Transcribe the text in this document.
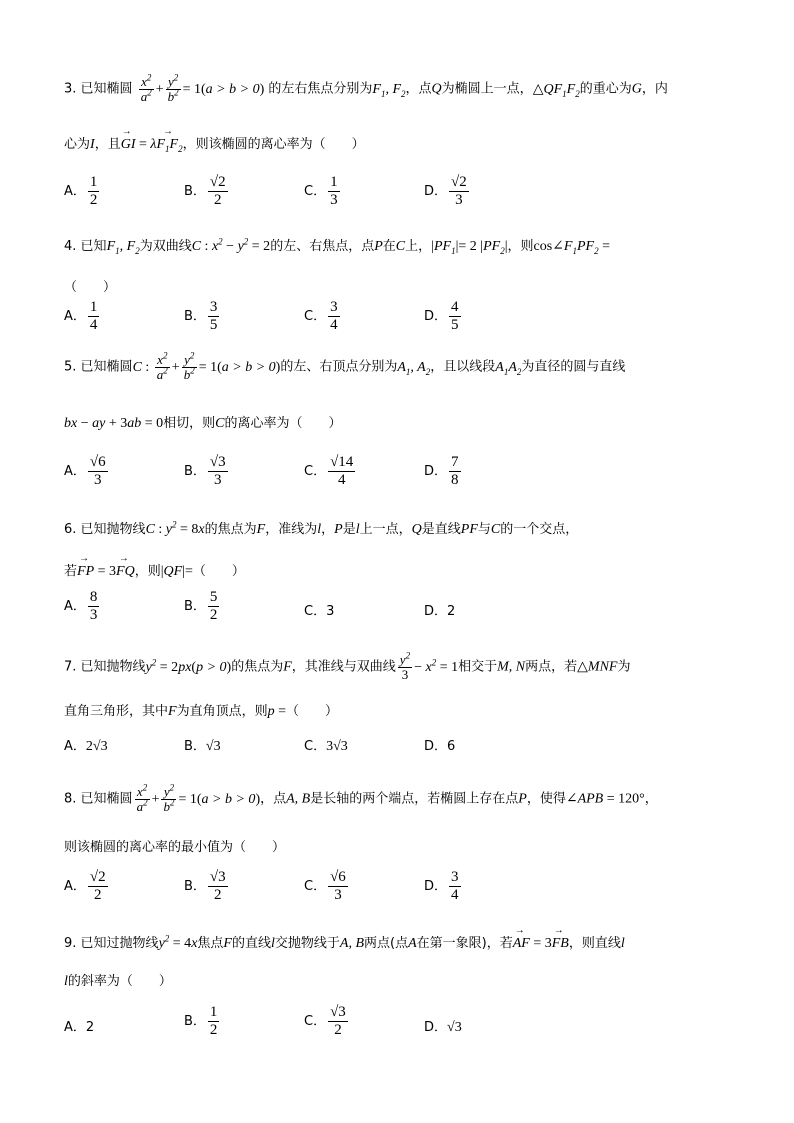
3. 已知椭圆 $\frac{x^2}{a^2} + \frac{y^2}{b^2} = 1(a > b > 0)$ 的左右焦点分别为$F_1$, $F_2$，点Q为椭圆上一点，$\triangle QF_1F_2$的重心为G，内
心为I，且→ GI = $\lambda\to F_1F_2$，则该椭圆的离心率为（　　）
A． $\frac{1}{2}$	B． $\frac{√2}{2}$	C． $\frac{1}{3}$	D． $\frac{√2}{3}$
4. 已知$F_1$, $F_2$为双曲线C : $x^2 - y^2 = 2$的左、右焦点，点P在C上，$|PF_1|= 2$ $|PF_2|$，则$\cos\angle F_1PF_2$ =
（　　）
A． $\frac{1}{4}$	B． $\frac{3}{5}$	C． $\frac{3}{4}$	D． $\frac{4}{5}$
5. 已知椭圆C : $\frac{x^2}{a^2} + \frac{y^2}{b^2} = 1(a > b > 0)$的左、右顶点分别为$A_1$, $A_2$，且以线段$A_1A_2$为直径的圆与直线
bx − ay + 3ab = 0相切，则C的离心率为（　　）
A． $\frac{√6}{3}$	B． $\frac{√3}{3}$	C． $\frac{√14}{4}$	D． $\frac{7}{8}$
6. 已知抛物线C : $y^2 = 8x$的焦点为F，准线为l，P是l上一点，Q是直线PF与C的一个交点，
若→ FP = 3→ FQ，则|QF|=（　　）
A． $\frac{8}{3}$	B． $\frac{5}{2}$	C．3	D．2
7. 已知抛物线$y^2 = 2px(p > 0)$的焦点为F，其准线与双曲线 $\frac{y^2}{3} - x^2 = 1$相交于M, N两点，若△MNF为
直角三角形，其中F为直角顶点，则p =（　　）
A．2√3	B．√3	C．3√3	D．6
8. 已知椭圆 $\frac{x^2}{a^2} + \frac{y^2}{b^2} = 1(a > b > 0)$，点A, B是长轴的两个端点，若椭圆上存在点P，使得∠APB = 120°，
则该椭圆的离心率的最小值为（　　）
A． $\frac{√2}{2}$	B． $\frac{√3}{2}$	C． $\frac{√6}{3}$	D． $\frac{3}{4}$
9. 已知过抛物线$y^2 = 4x$焦点F的直线l交抛物线于A, B两点(点A在第一象限)，若→ AF = 3→ FB，则直线l
l的斜率为（　　）
A．2	B． $\frac{1}{2}$	C． $\frac{√3}{2}$	D．√3
